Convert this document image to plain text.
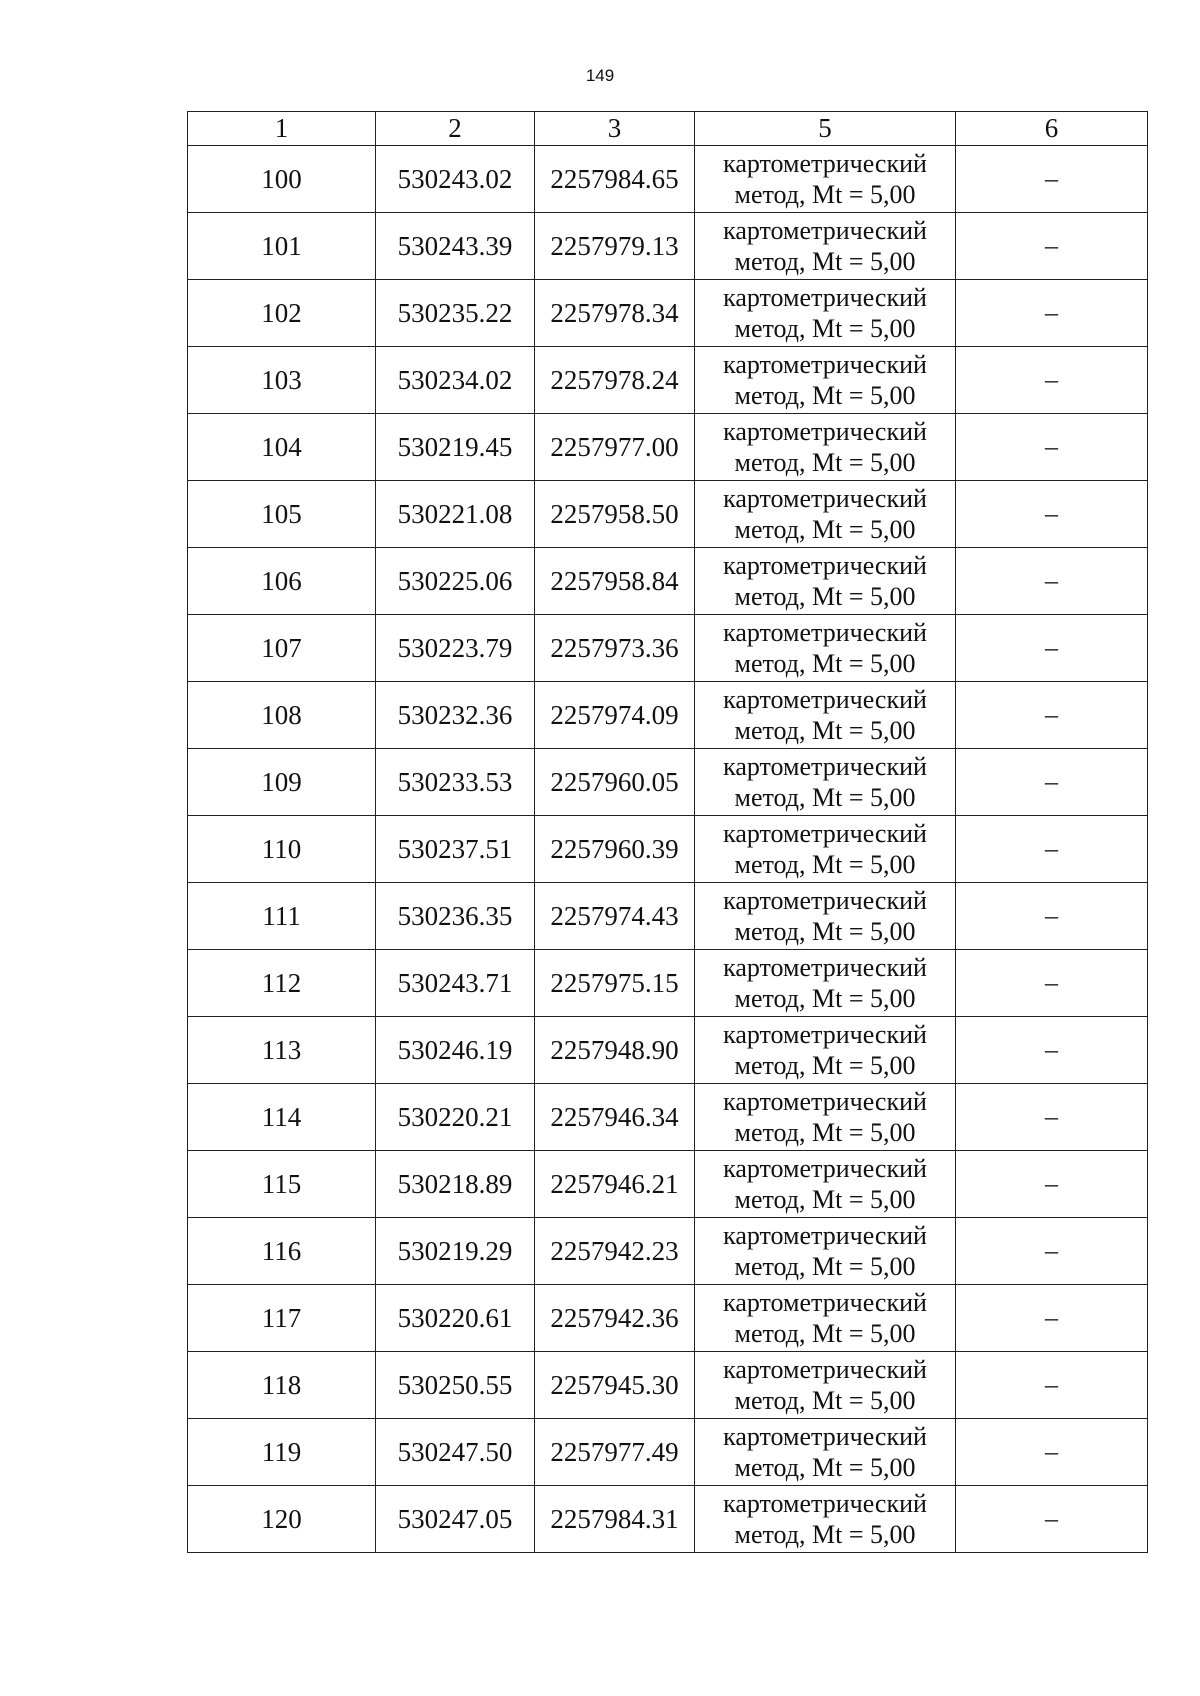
149
1	2	3	5	6
100	530243.02	2257984.65	картометрический
метод, Mt = 5,00	–
101	530243.39	2257979.13	картометрический
метод, Mt = 5,00	–
102	530235.22	2257978.34	картометрический
метод, Mt = 5,00	–
103	530234.02	2257978.24	картометрический
метод, Mt = 5,00	–
104	530219.45	2257977.00	картометрический
метод, Mt = 5,00	–
105	530221.08	2257958.50	картометрический
метод, Mt = 5,00	–
106	530225.06	2257958.84	картометрический
метод, Mt = 5,00	–
107	530223.79	2257973.36	картометрический
метод, Mt = 5,00	–
108	530232.36	2257974.09	картометрический
метод, Mt = 5,00	–
109	530233.53	2257960.05	картометрический
метод, Mt = 5,00	–
110	530237.51	2257960.39	картометрический
метод, Mt = 5,00	–
111	530236.35	2257974.43	картометрический
метод, Mt = 5,00	–
112	530243.71	2257975.15	картометрический
метод, Mt = 5,00	–
113	530246.19	2257948.90	картометрический
метод, Mt = 5,00	–
114	530220.21	2257946.34	картометрический
метод, Mt = 5,00	–
115	530218.89	2257946.21	картометрический
метод, Mt = 5,00	–
116	530219.29	2257942.23	картометрический
метод, Mt = 5,00	–
117	530220.61	2257942.36	картометрический
метод, Mt = 5,00	–
118	530250.55	2257945.30	картометрический
метод, Mt = 5,00	–
119	530247.50	2257977.49	картометрический
метод, Mt = 5,00	–
120	530247.05	2257984.31	картометрический
метод, Mt = 5,00	–
